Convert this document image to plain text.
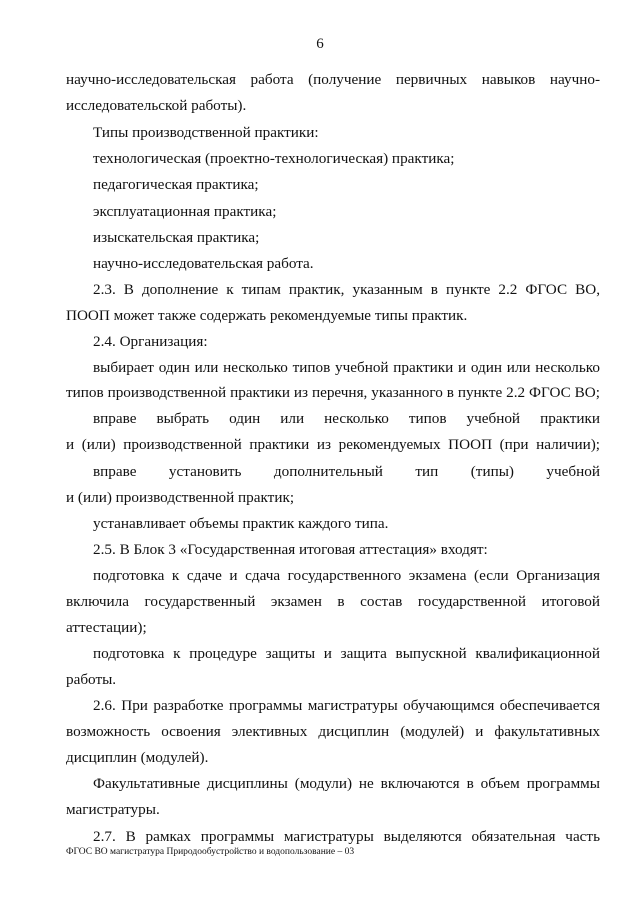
6
научно-исследовательская работа (получение первичных навыков научно-
исследовательской работы).
Типы производственной практики:
технологическая (проектно-технологическая) практика;
педагогическая практика;
эксплуатационная практика;
изыскательская практика;
научно-исследовательская работа.
2.3. В дополнение к типам практик, указанным в пункте 2.2 ФГОС ВО,
ПООП может также содержать рекомендуемые типы практик.
2.4. Организация:
выбирает один или несколько типов учебной практики и один или несколько
типов производственной практики из перечня, указанного в пункте 2.2 ФГОС ВО;
вправе выбрать один или несколько типов учебной практики
и (или) производственной практики из рекомендуемых ПООП (при наличии);
вправе установить дополнительный тип (типы) учебной
и (или) производственной практик;
устанавливает объемы практик каждого типа.
2.5. В Блок 3 «Государственная итоговая аттестация» входят:
подготовка к сдаче и сдача государственного экзамена (если Организация
включила государственный экзамен в состав государственной итоговой
аттестации);
подготовка к процедуре защиты и защита выпускной квалификационной
работы.
2.6. При разработке программы магистратуры обучающимся обеспечивается
возможность освоения элективных дисциплин (модулей) и факультативных
дисциплин (модулей).
Факультативные дисциплины (модули) не включаются в объем программы
магистратуры.
2.7. В рамках программы магистратуры выделяются обязательная часть
ФГОС ВО магистратура Природообустройство и водопользование – 03
